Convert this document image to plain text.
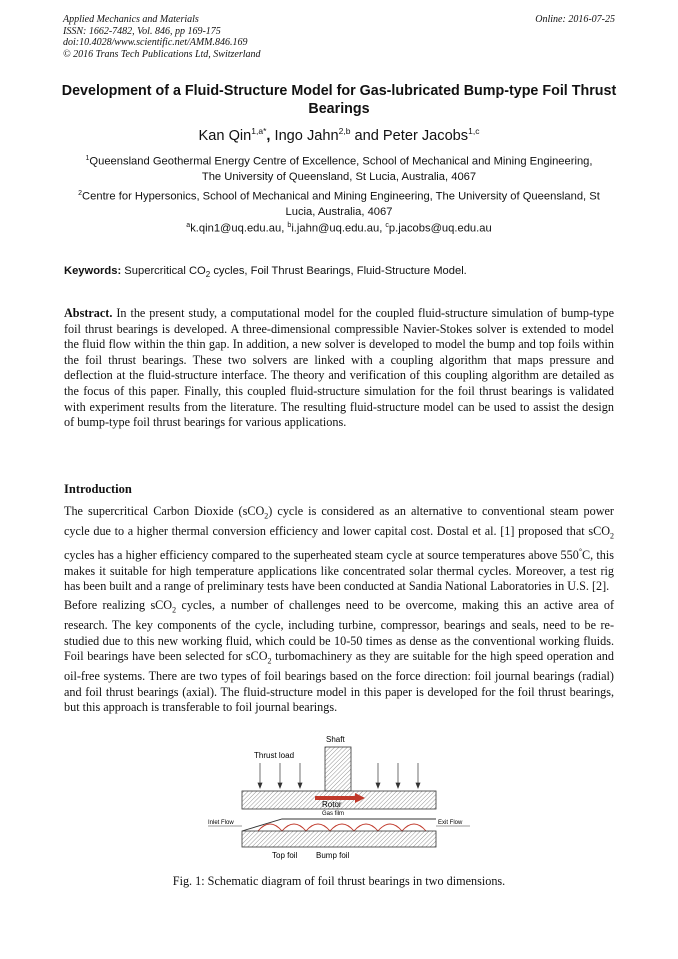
Applied Mechanics and Materials
ISSN: 1662-7482, Vol. 846, pp 169-175
doi:10.4028/www.scientific.net/AMM.846.169
© 2016 Trans Tech Publications Ltd, Switzerland
Online: 2016-07-25
Development of a Fluid-Structure Model for Gas-lubricated Bump-type Foil Thrust Bearings
Kan Qin$^{1,a*}$, Ingo Jahn$^{2,b}$ and Peter Jacobs$^{1,c}$
$^1$Queensland Geothermal Energy Centre of Excellence, School of Mechanical and Mining Engineering, The University of Queensland, St Lucia, Australia, 4067
$^2$Centre for Hypersonics, School of Mechanical and Mining Engineering, The University of Queensland, St Lucia, Australia, 4067
$^a$k.qin1@uq.edu.au, $^b$i.jahn@uq.edu.au, $^c$p.jacobs@uq.edu.au
Keywords: Supercritical $CO_2$ cycles, Foil Thrust Bearings, Fluid-Structure Model.
Abstract. In the present study, a computational model for the coupled fluid-structure simulation of bump-type foil thrust bearings is developed. A three-dimensional compressible Navier-Stokes solver is extended to model the fluid flow within the thin gap. In addition, a new solver is developed to model the bump and top foils within the foil thrust bearings. These two solvers are linked with a coupling algorithm that maps pressure and deflection at the fluid-structure interface. The theory and verification of this coupling algorithm are detailed as the focus of this paper. Finally, this coupled fluid-structure simulation for the foil thrust bearings is validated with experiment results from the literature. The resulting fluid-structure model can be used to assist the design of bump-type foil thrust bearings for various applications.
Introduction
The supercritical Carbon Dioxide (sCO$_2$) cycle is considered as an alternative to conventional steam power cycle due to a higher thermal conversion efficiency and lower capital cost. Dostal et al. [1] proposed that sCO$_2$ cycles has a higher efficiency compared to the superheated steam cycle at source temperatures above 550°C, this makes it suitable for high temperature applications like concentrated solar thermal cycles. Moreover, a test rig has been built and a range of preliminary tests have been conducted at Sandia National Laboratories in U.S. [2].
Before realizing sCO$_2$ cycles, a number of challenges need to be overcome, making this an active area of research. The key components of the cycle, including turbine, compressor, bearings and seals, need to be re-studied due to this new working fluid, which could be 10-50 times as dense as the conventional working fluids. Foil bearings have been selected for sCO$_2$ turbomachinery as they are suitable for the high speed operation and oil-free systems. There are two types of foil bearings based on the force direction: foil journal bearings (radial) and foil thrust bearings (axial). The fluid-structure model in this paper is developed for the foil thrust bearings, but this approach is transferable to foil journal bearings.
Shaft
Thrust load
Rotor
Gas film
Inlet Flow	Exit Flow
Top foil Bump foil
Fig. 1: Schematic diagram of foil thrust bearings in two dimensions.
